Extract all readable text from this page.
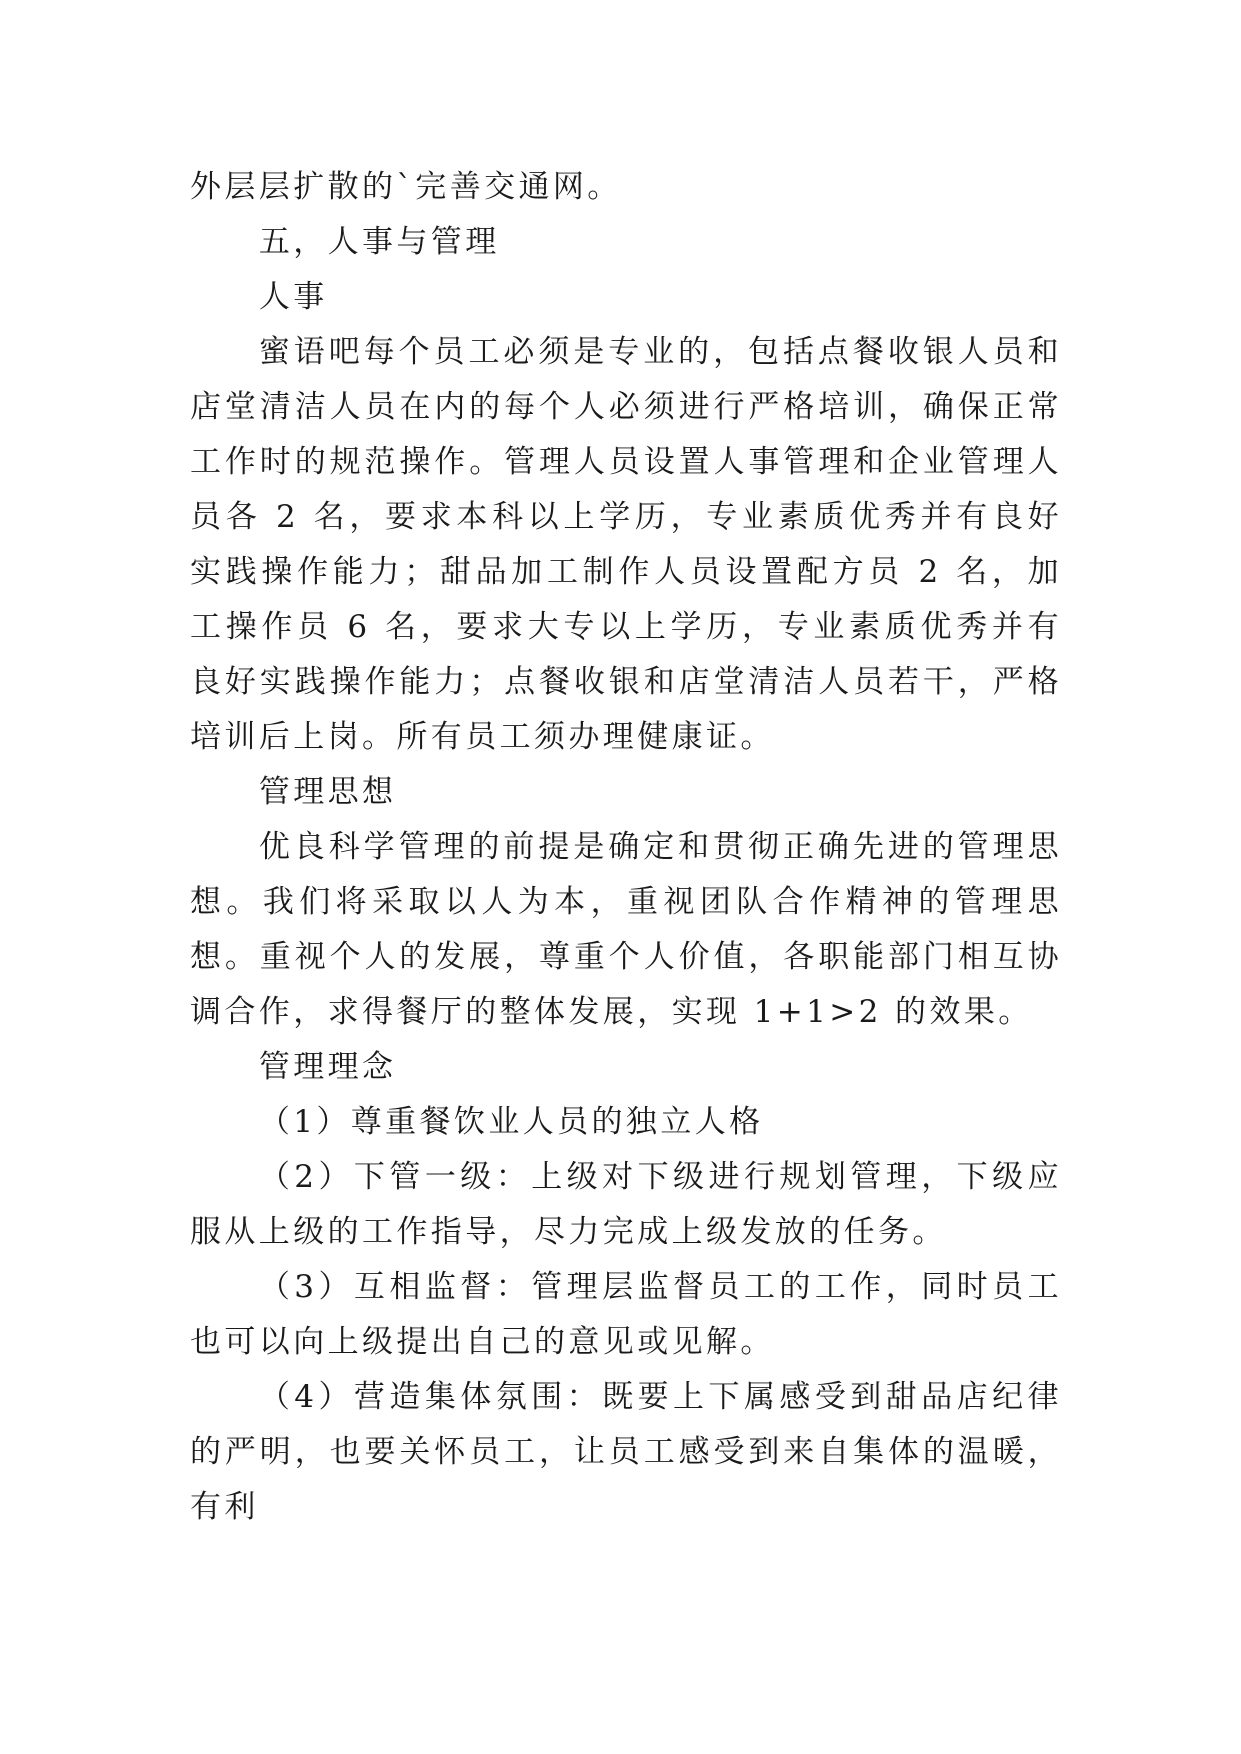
外层层扩散的`完善交通网。

五，人事与管理

人事

蜜语吧每个员工必须是专业的，包括点餐收银人员和店堂清洁人员在内的每个人必须进行严格培训，确保正常工作时的规范操作。管理人员设置人事管理和企业管理人员各 2 名，要求本科以上学历，专业素质优秀并有良好实践操作能力；甜品加工制作人员设置配方员 2 名，加工操作员 6 名，要求大专以上学历，专业素质优秀并有良好实践操作能力；点餐收银和店堂清洁人员若干，严格培训后上岗。所有员工须办理健康证。

管理思想

优良科学管理的前提是确定和贯彻正确先进的管理思想。我们将采取以人为本，重视团队合作精神的管理思想。重视个人的发展，尊重个人价值，各职能部门相互协调合作，求得餐厅的整体发展，实现 1+1>2 的效果。

管理理念

（1）尊重餐饮业人员的独立人格

（2）下管一级：上级对下级进行规划管理，下级应服从上级的工作指导，尽力完成上级发放的任务。

（3）互相监督：管理层监督员工的工作，同时员工也可以向上级提出自己的意见或见解。

（4）营造集体氛围：既要上下属感受到甜品店纪律的严明，也要关怀员工，让员工感受到来自集体的温暖，有利
